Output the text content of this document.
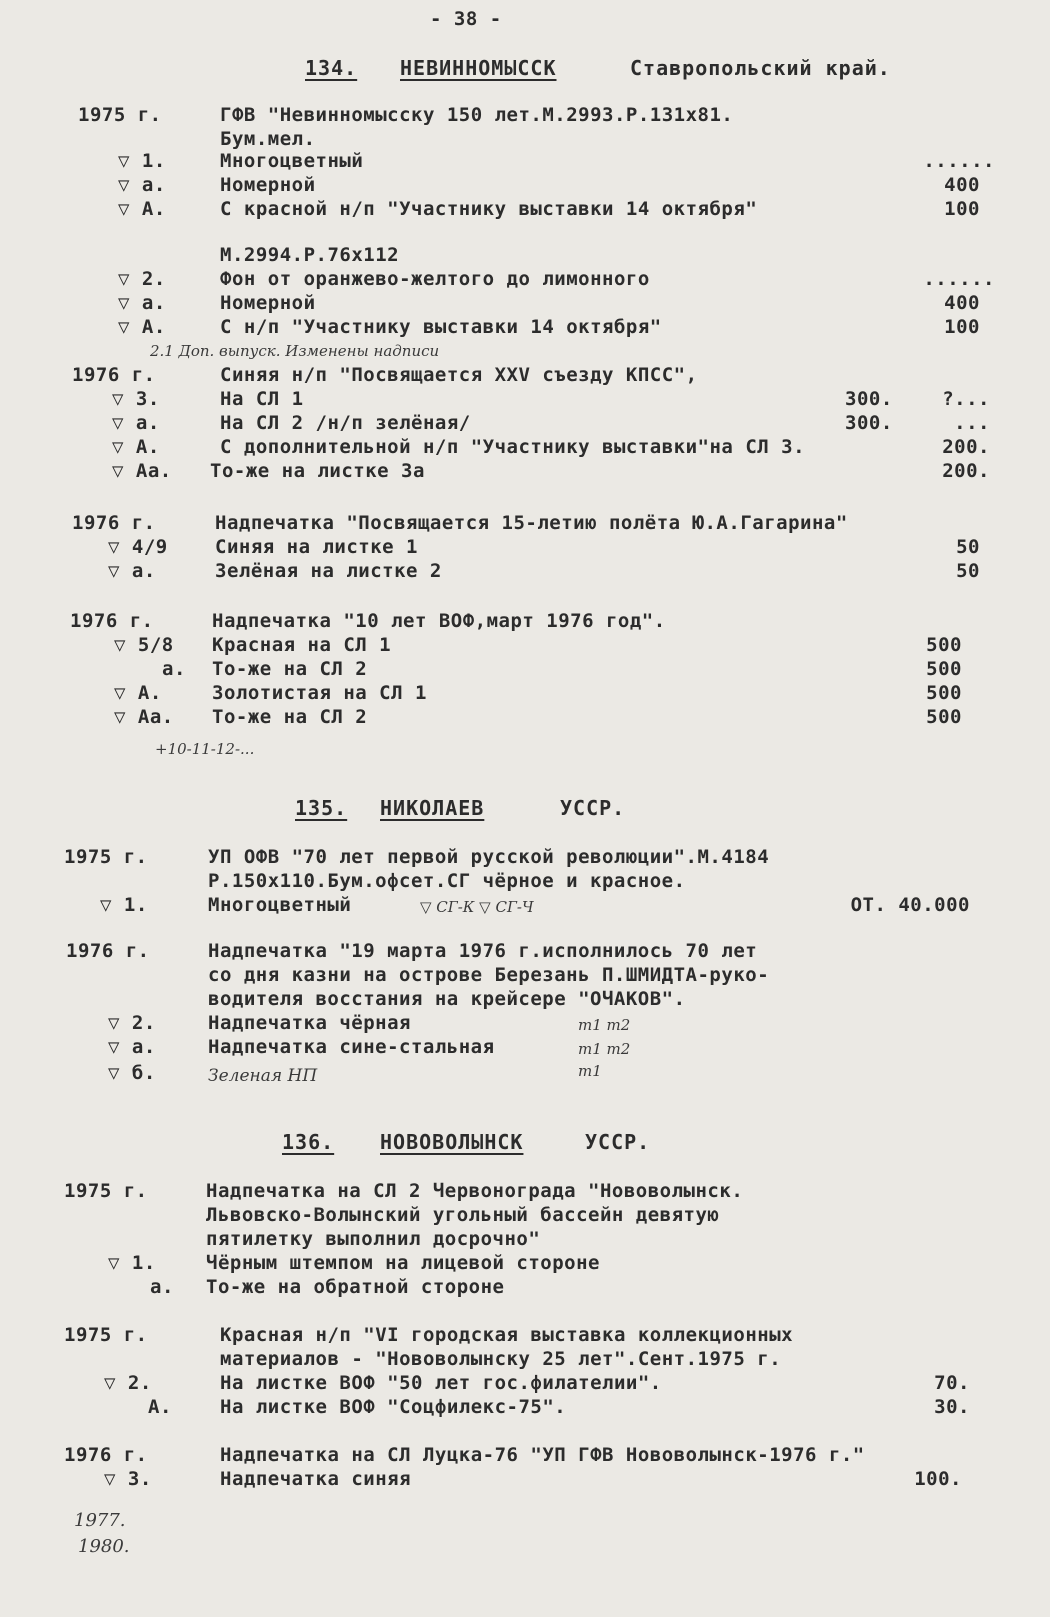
- 38 -
134. НЕВИННОМЫССК	Ставропольский край.
1975 г.	ГФВ "Невинномысску 150 лет.М.2993.Р.131х81.
Бум.мел.
▽ 1.	Многоцветный	......
▽ а.	Номерной	400
▽ А.	С красной н/п "Участнику выставки 14 октября"	100
М.2994.Р.76х112
▽ 2.	Фон от оранжево-желтого до лимонного	......
▽ а.	Номерной	400
▽ А.	С н/п "Участнику выставки 14 октября"	100
2.1 Доп. выпуск. Изменены надписи
1976 г.	Синяя н/п "Посвящается XXV съезду КПСС",
▽ 3.	На СЛ 1	300.	?...
▽ а.	На СЛ 2 /н/п зелёная/	300.	...
▽ А.	С дополнительной н/п "Участнику выставки"на СЛ 3.	200.
▽ Аа. То-же на листке 3а	200.
1976 г.	Надпечатка "Посвящается 15-летию полёта Ю.А.Гагарина"
▽ 4/9 Синяя на листке 1	50
▽ а.	Зелёная на листке 2	50
1976 г.	Надпечатка "10 лет ВОФ,март 1976 год".
▽ 5/8 Красная на СЛ 1	500
а. То-же на СЛ 2	500
▽ А.	Золотистая на СЛ 1	500
▽ Аа. То-же на СЛ 2	500
+10-11-12-...
135. НИКОЛАЕВ	УССР.
1975 г.	УП ОФВ "70 лет первой русской революции".М.4184
Р.150х110.Бум.офсет.СГ чёрное и красное.
▽ 1.	Многоцветный	▽ СГ-К ▽ СГ-Ч	ОТ. 40.000
1976 г.	Надпечатка "19 марта 1976 г.исполнилось 70 лет
со дня казни на острове Березань П.ШМИДТА-руко-
водителя восстания на крейсере "ОЧАКОВ".
▽ 2.	Надпечатка чёрная	т1 т2
▽ а.	Надпечатка сине-стальная	т1 т2
▽ б.	Зеленая НП	т1
136. НОВОВОЛЫНСК	УССР.
1975 г.	Надпечатка на СЛ 2 Червонограда "Нововолынск.
Львовско-Волынский угольный бассейн девятую
пятилетку выполнил досрочно"
▽ 1.	Чёрным штемпом на лицевой стороне
а. То-же на обратной стороне
1975 г.	Красная н/п "VI городская выставка коллекционных
материалов - "Нововолынску 25 лет".Сент.1975 г.
▽ 2.	На листке ВОФ "50 лет гос.филателии".	70.
А.	На листке ВОФ "Соцфилекс-75".	30.
1976 г.	Надпечатка на СЛ Луцка-76 "УП ГФВ Нововолынск-1976 г."
▽ 3.	Надпечатка синяя	100.
1977.
1980.
